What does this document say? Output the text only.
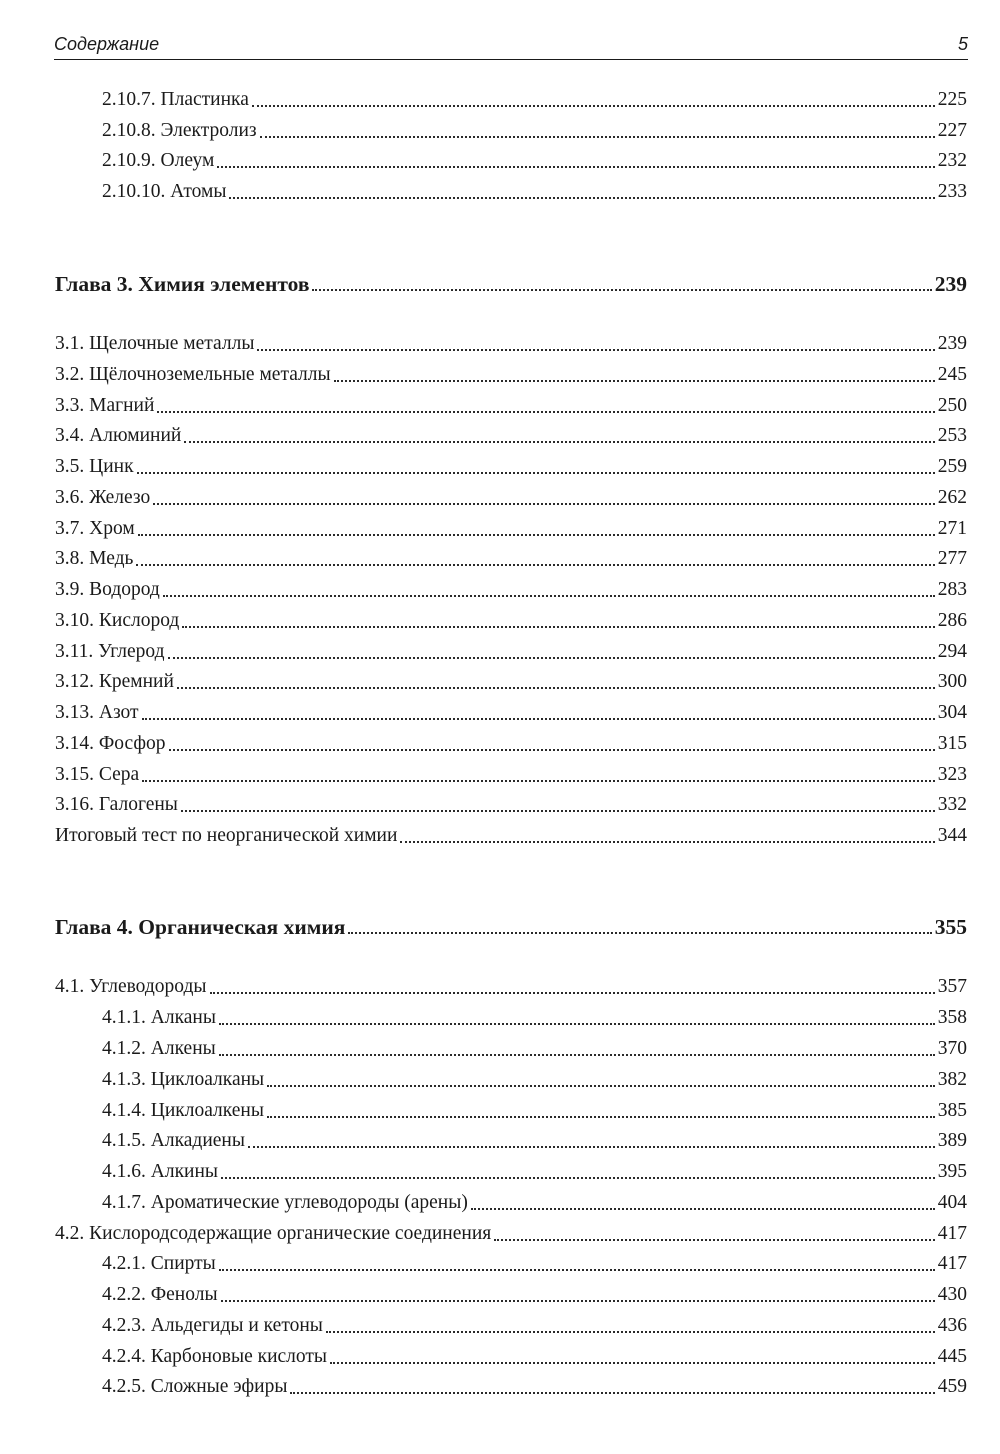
Содержание	5
2.10.7. Пластинка	225
2.10.8. Электролиз	227
2.10.9. Олеум	232
2.10.10. Атомы	233
Глава 3. Химия элементов	239
3.1. Щелочные металлы	239
3.2. Щёлочноземельные металлы	245
3.3. Магний	250
3.4. Алюминий	253
3.5. Цинк	259
3.6. Железо	262
3.7. Хром	271
3.8. Медь	277
3.9. Водород	283
3.10. Кислород	286
3.11. Углерод	294
3.12. Кремний	300
3.13. Азот	304
3.14. Фосфор	315
3.15. Сера	323
3.16. Галогены	332
Итоговый тест по неорганической химии	344
Глава 4. Органическая химия	355
4.1. Углеводороды	357
4.1.1. Алканы	358
4.1.2. Алкены	370
4.1.3. Циклоалканы	382
4.1.4. Циклоалкены	385
4.1.5. Алкадиены	389
4.1.6. Алкины	395
4.1.7. Ароматические углеводороды (арены)	404
4.2. Кислородсодержащие органические соединения	417
4.2.1. Спирты	417
4.2.2. Фенолы	430
4.2.3. Альдегиды и кетоны	436
4.2.4. Карбоновые кислоты	445
4.2.5. Сложные эфиры	459
